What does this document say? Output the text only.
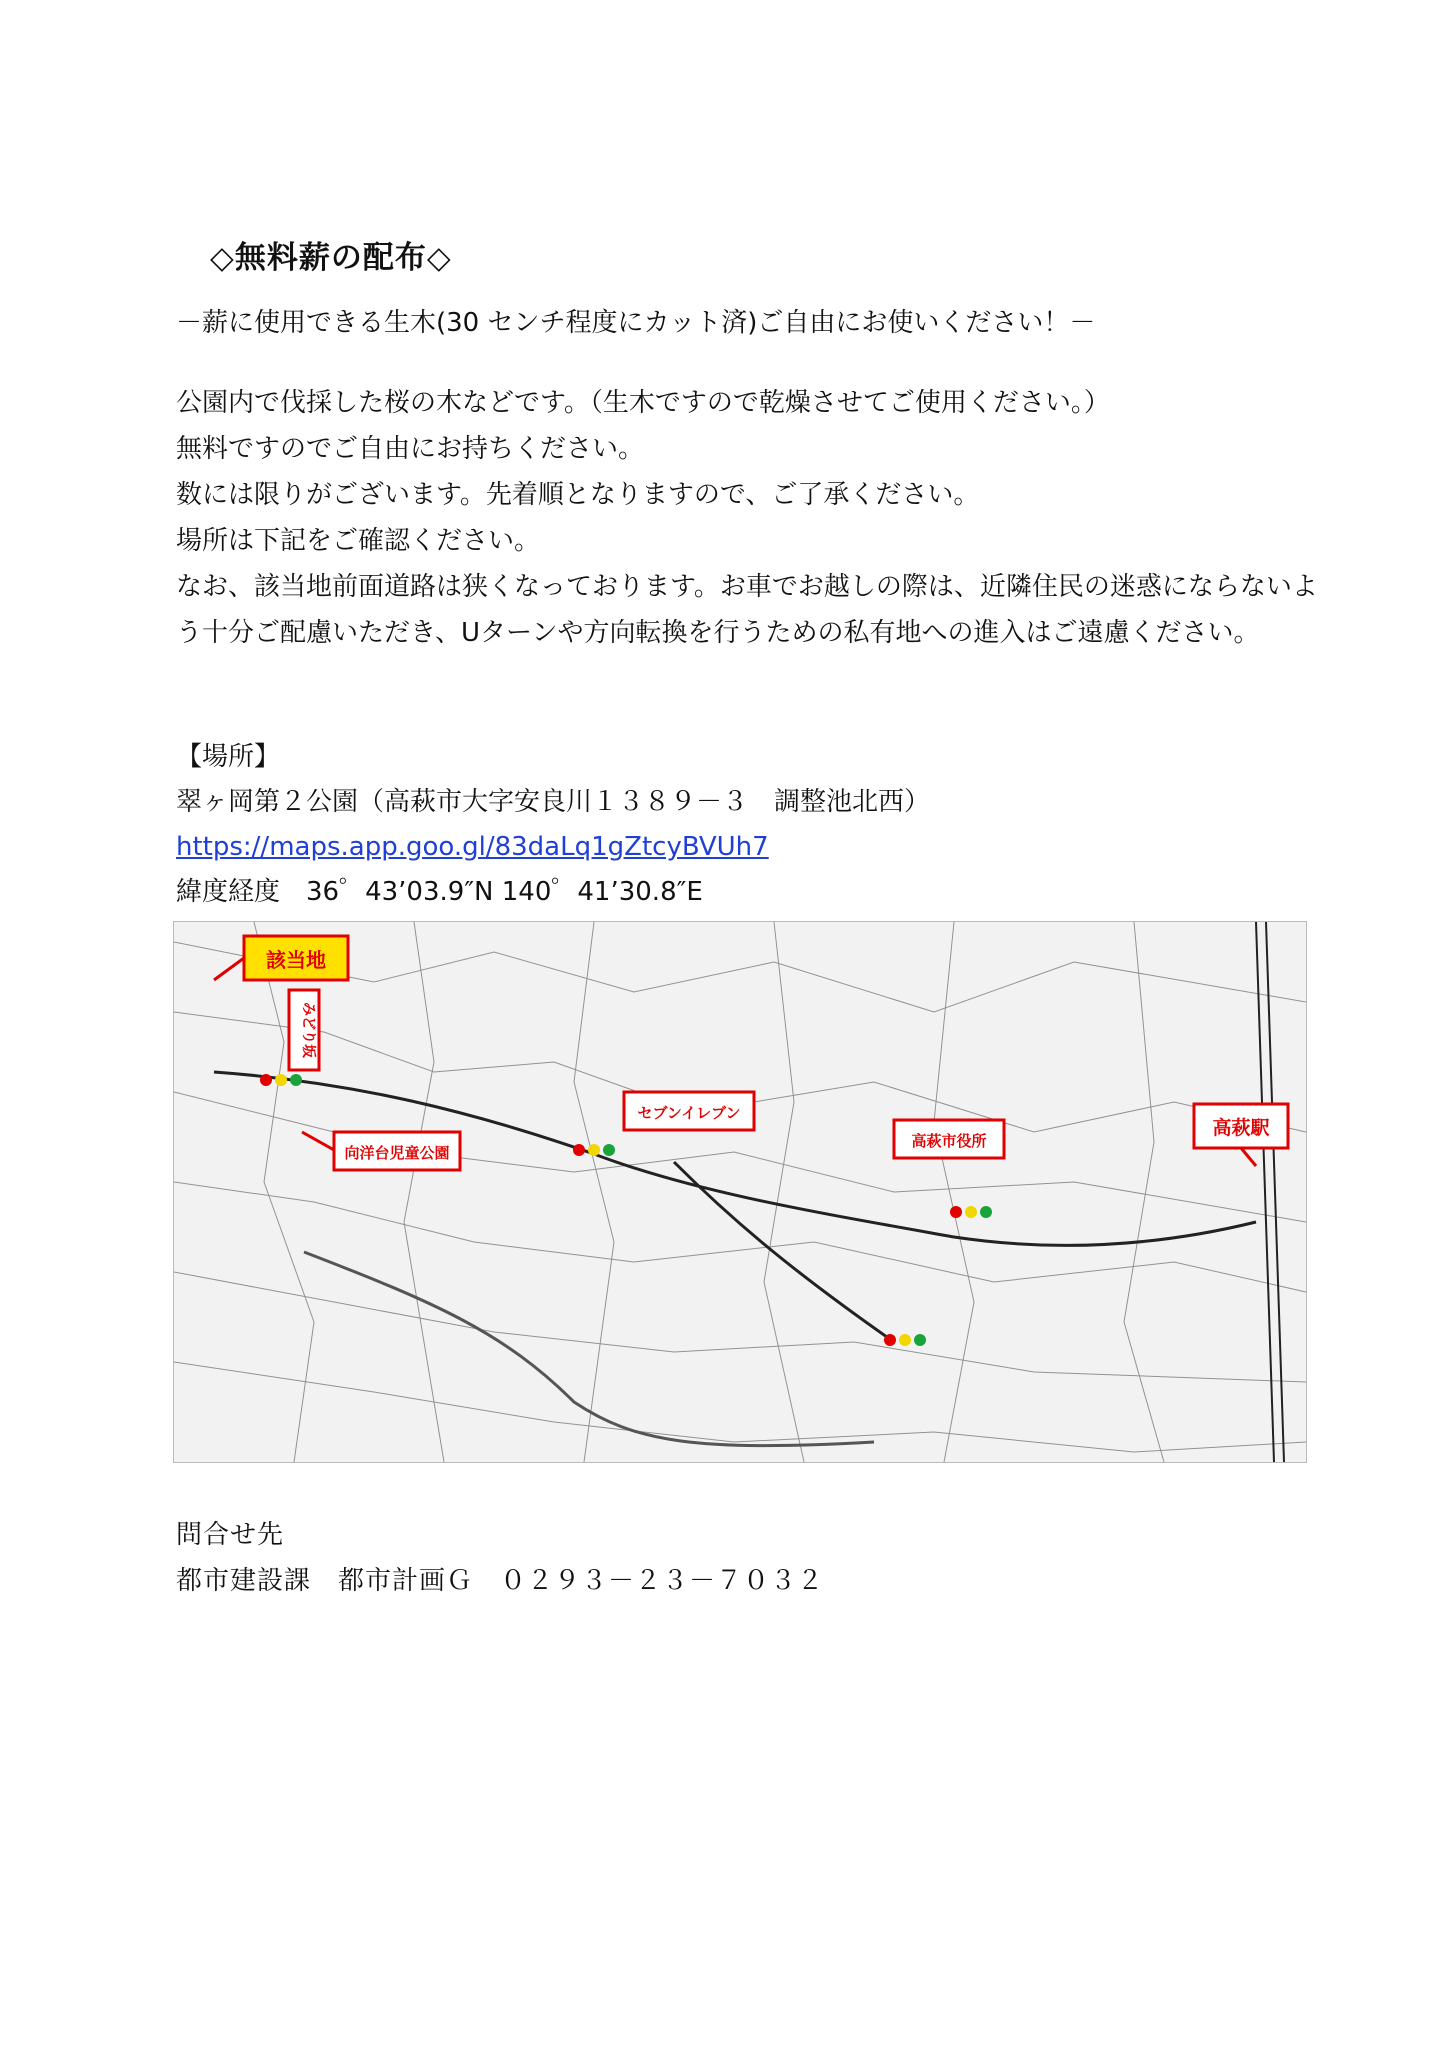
◇無料薪の配布◇
－薪に使用できる生木(30 センチ程度にカット済)ご自由にお使いください！－

公園内で伐採した桜の木などです。（生木ですので乾燥させてご使用ください。）

無料ですのでご自由にお持ちください。

数には限りがございます。先着順となりますので、ご了承ください。

場所は下記をご確認ください。

なお、該当地前面道路は狭くなっております。お車でお越しの際は、近隣住民の迷惑にならないよう十分ご配慮いただき、Uターンや方向転換を行うための私有地への進入はご遠慮ください。

【場所】
翠ヶ岡第２公園（高萩市大字安良川１３８９－３　調整池北西）
https://maps.app.goo.gl/83daLq1gZtcyBVUh7
緯度経度　36゜43’03.9″N 140゜41’30.8″E
該当地
みどり坂
向洋台児童公園
セブンイレブン
高萩市役所
高萩駅
問合せ先
都市建設課　都市計画Ｇ　０２９３－２３－７０３２
